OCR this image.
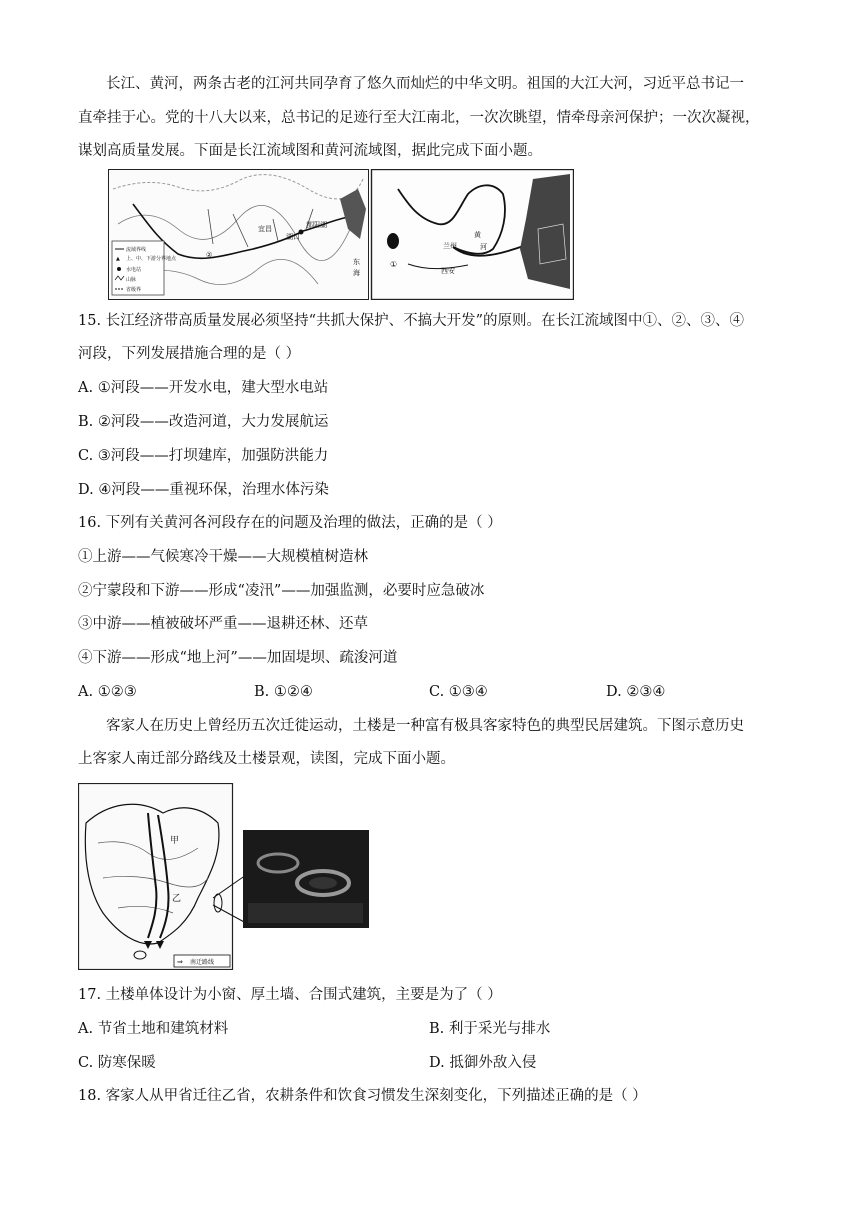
长江、黄河，两条古老的江河共同孕育了悠久而灿烂的中华文明。祖国的大江大河，习近平总书记一
直牵挂于心。党的十八大以来，总书记的足迹行至大江南北，一次次眺望，情牵母亲河保护；一次次凝视，
谋划高质量发展。下面是长江流域图和黄河流域图，据此完成下面小题。
②
宜昌
湖口
都阳湖
东
海
流域界线
▲ 上、中、下游分界地点
水电站
山脉
省级界
①
兰州
西安
黄
河
15. 长江经济带高质量发展必须坚持“共抓大保护、不搞大开发”的原则。在长江流域图中①、②、③、④
河段，下列发展措施合理的是（ ）
A. ①河段——开发水电，建大型水电站
B. ②河段——改造河道，大力发展航运
C. ③河段——打坝建库，加强防洪能力
D. ④河段——重视环保，治理水体污染
16. 下列有关黄河各河段存在的问题及治理的做法，正确的是（ ）
①上游——气候寒冷干燥——大规模植树造林
②宁蒙段和下游——形成“凌汛”——加强监测，必要时应急破冰
③中游——植被破坏严重——退耕还林、还草
④下游——形成“地上河”——加固堤坝、疏浚河道
A. ①②③	B. ①②④	C. ①③④	D. ②③④
客家人在历史上曾经历五次迁徙运动，土楼是一种富有极具客家特色的典型民居建筑。下图示意历史
上客家人南迁部分路线及土楼景观，读图，完成下面小题。
甲
乙
⇒ 南迁路线
17. 土楼单体设计为小窗、厚土墙、合围式建筑，主要是为了（ ）
A. 节省土地和建筑材料	B. 利于采光与排水
C. 防寒保暖	D. 抵御外敌入侵
18. 客家人从甲省迁往乙省，农耕条件和饮食习惯发生深刻变化，下列描述正确的是（ ）
